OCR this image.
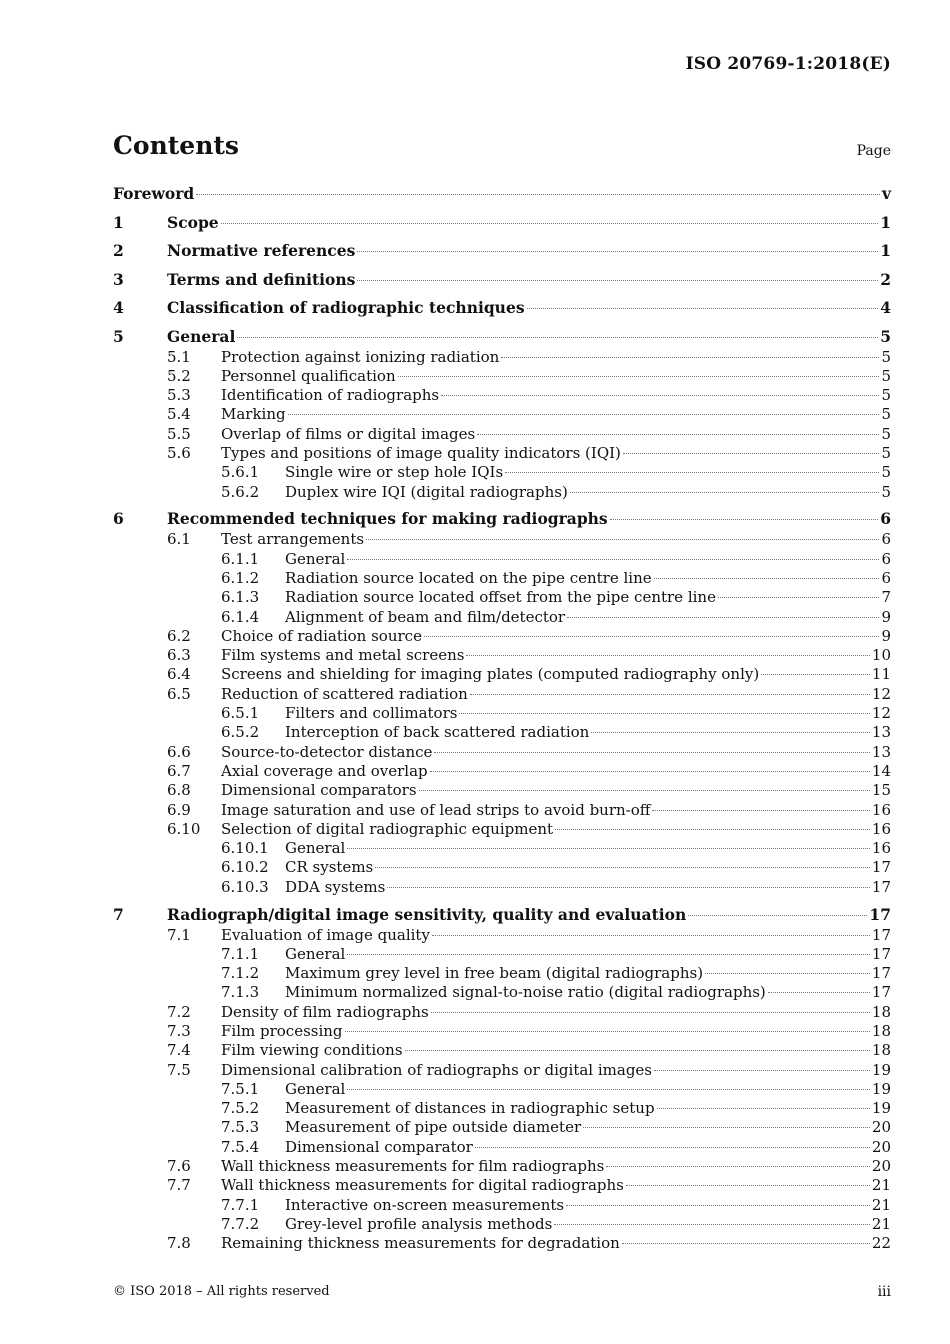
ISO 20769-1:2018(E)
Contents	Page
Foreword	v
1	Scope	1
2	Normative references	1
3	Terms and definitions	2
4	Classification of radiographic techniques	4
5	General	5
5.1 Protection against ionizing radiation	5
5.2 Personnel qualification	5
5.3 Identification of radiographs	5
5.4 Marking	5
5.5 Overlap of films or digital images	5
5.6 Types and positions of image quality indicators (IQI)	5
5.6.1 Single wire or step hole IQIs	5
5.6.2 Duplex wire IQI (digital radiographs)	5
6	Recommended techniques for making radiographs	6
6.1 Test arrangements	6
6.1.1 General	6
6.1.2 Radiation source located on the pipe centre line	6
6.1.3 Radiation source located offset from the pipe centre line	7
6.1.4 Alignment of beam and film/detector	9
6.2 Choice of radiation source	9
6.3 Film systems and metal screens	10
6.4 Screens and shielding for imaging plates (computed radiography only)	11
6.5 Reduction of scattered radiation	12
6.5.1 Filters and collimators	12
6.5.2 Interception of back scattered radiation	13
6.6 Source-to-detector distance	13
6.7 Axial coverage and overlap	14
6.8 Dimensional comparators	15
6.9 Image saturation and use of lead strips to avoid burn-off	16
6.10 Selection of digital radiographic equipment	16
6.10.1 General	16
6.10.2 CR systems	17
6.10.3 DDA systems	17
7	Radiograph/digital image sensitivity, quality and evaluation	17
7.1 Evaluation of image quality	17
7.1.1 General	17
7.1.2 Maximum grey level in free beam (digital radiographs)	17
7.1.3 Minimum normalized signal-to-noise ratio (digital radiographs)	17
7.2 Density of film radiographs	18
7.3 Film processing	18
7.4 Film viewing conditions	18
7.5 Dimensional calibration of radiographs or digital images	19
7.5.1 General	19
7.5.2 Measurement of distances in radiographic setup	19
7.5.3 Measurement of pipe outside diameter	20
7.5.4 Dimensional comparator	20
7.6 Wall thickness measurements for film radiographs	20
7.7 Wall thickness measurements for digital radiographs	21
7.7.1 Interactive on-screen measurements	21
7.7.2 Grey-level profile analysis methods	21
7.8 Remaining thickness measurements for degradation	22
© ISO 2018 – All rights reserved	iii
